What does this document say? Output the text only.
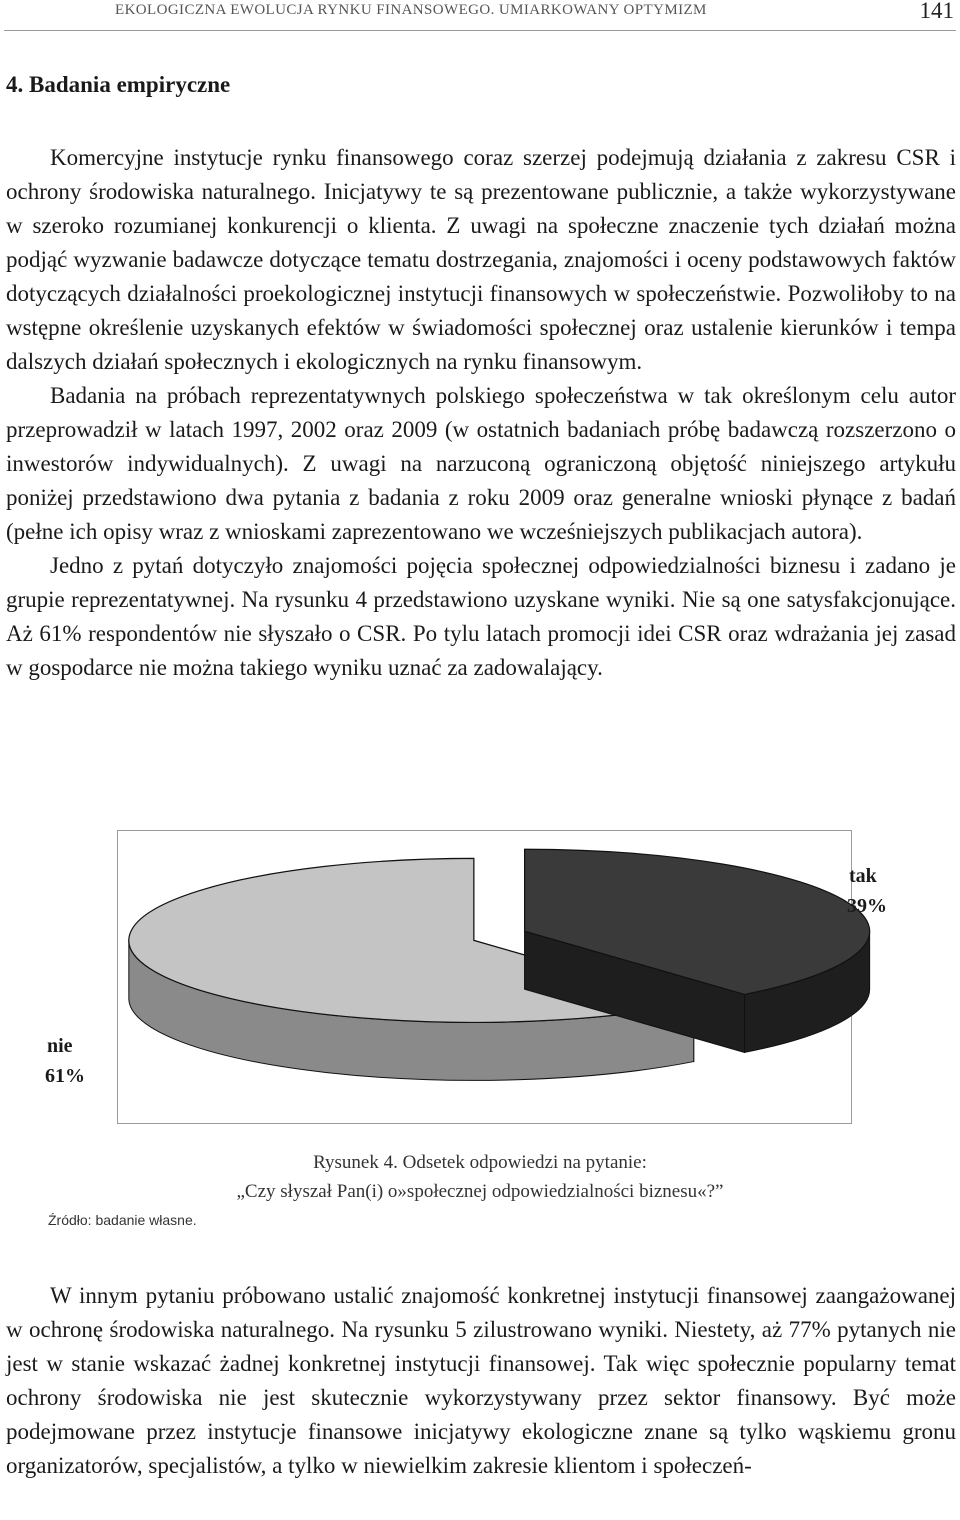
EKOLOGICZNA EWOLUCJA RYNKU FINANSOWEGO. UMIARKOWANY OPTYMIZM	141
4. Badania empiryczne

Komercyjne instytucje rynku finansowego coraz szerzej podejmują działania z zakresu CSR i ochrony środowiska naturalnego. Inicjatywy te są prezentowane publicznie, a także wykorzystywane w szeroko rozumianej konkurencji o klienta. Z uwagi na społeczne znaczenie tych działań można podjąć wyzwanie badawcze dotyczące tematu dostrzegania, znajomości i oceny podstawowych faktów dotyczących działalności proekologicznej instytucji finansowych w społeczeństwie. Pozwoliłoby to na wstępne określenie uzyskanych efektów w świadomości społecznej oraz ustalenie kierunków i tempa dalszych działań społecznych i ekologicznych na rynku finansowym.

Badania na próbach reprezentatywnych polskiego społeczeństwa w tak określonym celu autor przeprowadził w latach 1997, 2002 oraz 2009 (w ostatnich badaniach próbę badawczą rozszerzono o inwestorów indywidualnych). Z uwagi na narzuconą ograniczoną objętość niniejszego artykułu poniżej przedstawiono dwa pytania z badania z roku 2009 oraz generalne wnioski płynące z badań (pełne ich opisy wraz z wnioskami zaprezentowano we wcześniejszych publikacjach autora).

Jedno z pytań dotyczyło znajomości pojęcia społecznej odpowiedzialności biznesu i zadano je grupie reprezentatywnej. Na rysunku 4 przedstawiono uzyskane wyniki. Nie są one satysfakcjonujące. Aż 61% respondentów nie słyszało o CSR. Po tylu latach promocji idei CSR oraz wdrażania jej zasad w gospodarce nie można takiego wyniku uznać za zadowalający.

tak
39%
nie
61%
Rysunek 4. Odsetek odpowiedzi na pytanie:
„Czy słyszał Pan(i) o»społecznej odpowiedzialności biznesu«?”
Źródło: badanie własne.

W innym pytaniu próbowano ustalić znajomość konkretnej instytucji finansowej zaangażowanej w ochronę środowiska naturalnego. Na rysunku 5 zilustrowano wyniki. Niestety, aż 77% pytanych nie jest w stanie wskazać żadnej konkretnej instytucji finansowej. Tak więc społecznie popularny temat ochrony środowiska nie jest skutecznie wykorzystywany przez sektor finansowy. Być może podejmowane przez instytucje finansowe inicjatywy ekologiczne znane są tylko wąskiemu gronu organizatorów, specjalistów, a tylko w niewielkim zakresie klientom i społeczeń-
